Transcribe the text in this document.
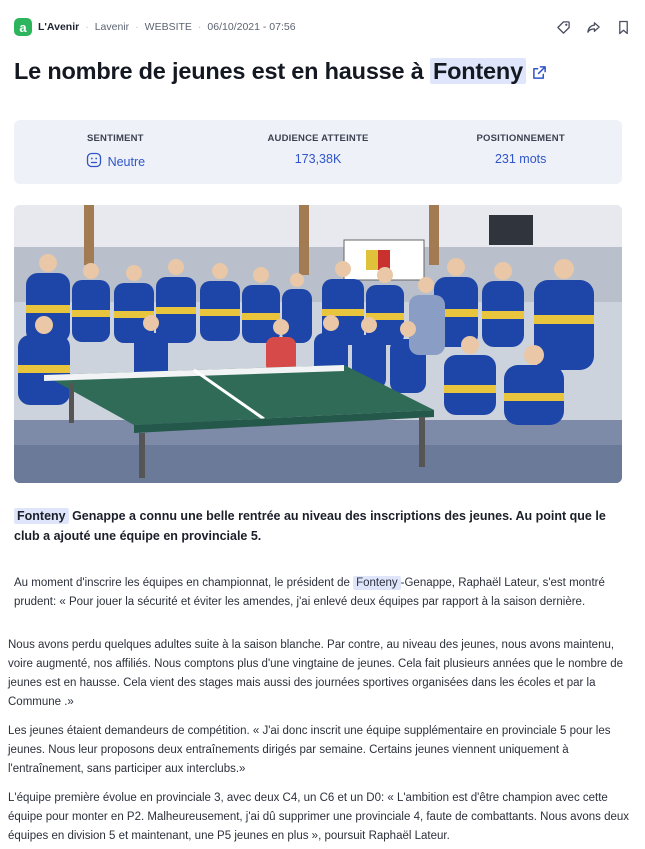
a	L'Avenir · Lavenir · WEBSITE · 06/10/2021 - 07:56
Le nombre de jeunes est en hausse à Fonteny
SENTIMENT
Neutre
AUDIENCE ATTEINTE
173,38K
POSITIONNEMENT
231 mots
Fonteny Genappe a connu une belle rentrée au niveau des inscriptions des jeunes. Au point que le club a ajouté une équipe en provinciale 5.
Au moment d'inscrire les équipes en championnat, le président de Fonteny -Genappe, Raphaël Lateur, s'est montré prudent: « Pour jouer la sécurité et éviter les amendes, j'ai enlevé deux équipes par rapport à la saison dernière.
Nous avons perdu quelques adultes suite à la saison blanche. Par contre, au niveau des jeunes, nous avons maintenu, voire augmenté, nos affiliés. Nous comptons plus d'une vingtaine de jeunes. Cela fait plusieurs années que le nombre de jeunes est en hausse. Cela vient des stages mais aussi des journées sportives organisées dans les écoles et par la Commune .»
Les jeunes étaient demandeurs de compétition. « J'ai donc inscrit une équipe supplémentaire en provinciale 5 pour les jeunes. Nous leur proposons deux entraînements dirigés par semaine. Certains jeunes viennent uniquement à l'entraînement, sans participer aux interclubs.»
L'équipe première évolue en provinciale 3, avec deux C4, un C6 et un D0: « L'ambition est d'être champion avec cette équipe pour monter en P2. Malheureusement, j'ai dû supprimer une provinciale 4, faute de combattants. Nous avons deux équipes en division 5 et maintenant, une P5 jeunes en plus », poursuit Raphaël Lateur.
